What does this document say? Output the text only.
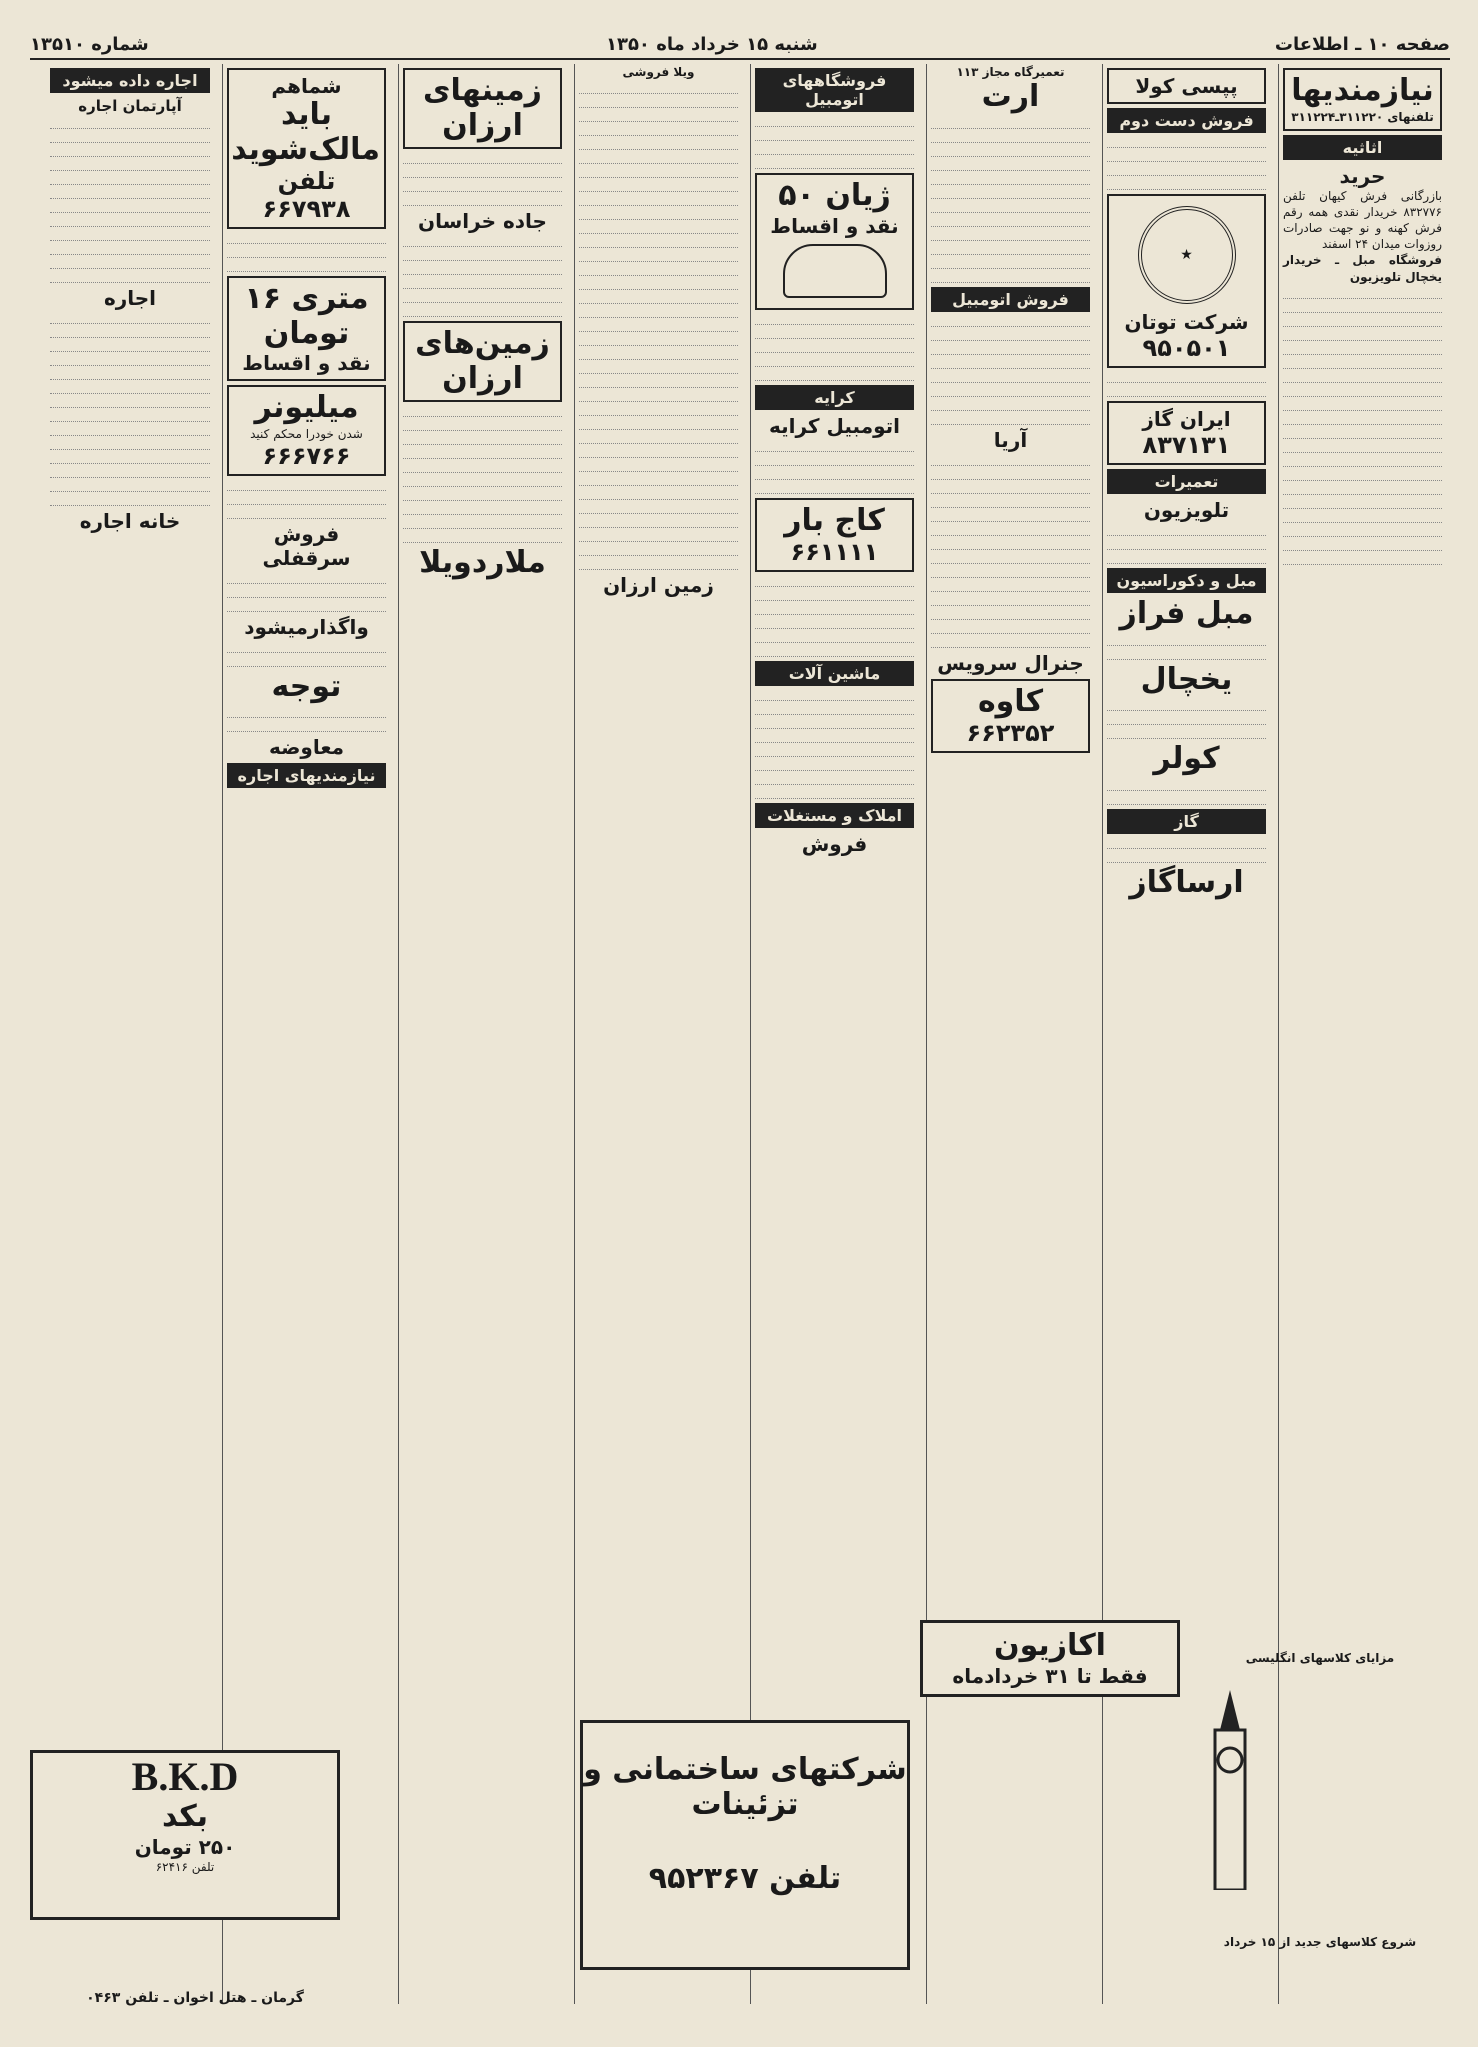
صفحه ۱۰ ـ اطلاعات
شنبه ۱۵ خرداد ماه ۱۳۵۰
شماره ۱۳۵۱۰
نیازمندیها
تلفنهای ۳۱۱۲۲۰ـ۳۱۱۲۲۴
اثاثیه
حرید
بازرگانی فرش کیهان تلفن ۸۳۲۷۷۶ خریدار نقدی همه رقم فرش کهنه و نو جهت صادرات روزوات میدان ۲۴ اسفند
فروشگاه مبل ـ خریدار یخچال تلویزیون
پپسی کولا
فروش دست دوم
★
شرکت توتان
۹۵۰۵۰۱
ایران گاز
۸۳۷۱۳۱
تعمیرات
تلویزیون
مبل و دکوراسیون
مبل فراز
یخچال
کولر
گاز
ارساگاز
تعمیرگاه مجاز ۱۱۳
ارت
فروش اتومبیل
آریا
جنرال سرویس
کاوه
۶۶۲۳۵۲
فروشگاههای اتومبیل
ژیان ۵۰
نقد و اقساط
کرایه
اتومبیل کرایه
کاج بار
۶۶۱۱۱۱
ماشین آلات
املاک و مستغلات
فروش
ویلا فروشی
زمین ارزان
زمینهای ارزان
جاده خراسان
زمین‌های ارزان
ملاردویلا
شماهم
باید مالک‌شوید
تلفن ۶۶۷۹۳۸
متری ۱۶ تومان
نقد و اقساط
میلیونر
شدن خودرا محکم کنید
۶۶۶۷۶۶
فروش سرقفلی
واگذارمیشود
توجه
معاوضه
نیازمندیهای اجاره
اجاره داده میشود
آپارتمان اجاره
اجاره
خانه اجاره
B.K.D
بکد
۲۵۰ تومان
تلفن ۶۲۴۱۶
گرمان ـ هتل اخوان ـ تلفن ۰۴۶۳
شرکتهای ساختمانی و تزئینات
تلفن ۹۵۲۳۶۷
اکازیون
فقط تا ۳۱ خردادماه
مزایای کلاسهای انگلیسی
شروع کلاسهای جدید از ۱۵ خرداد
